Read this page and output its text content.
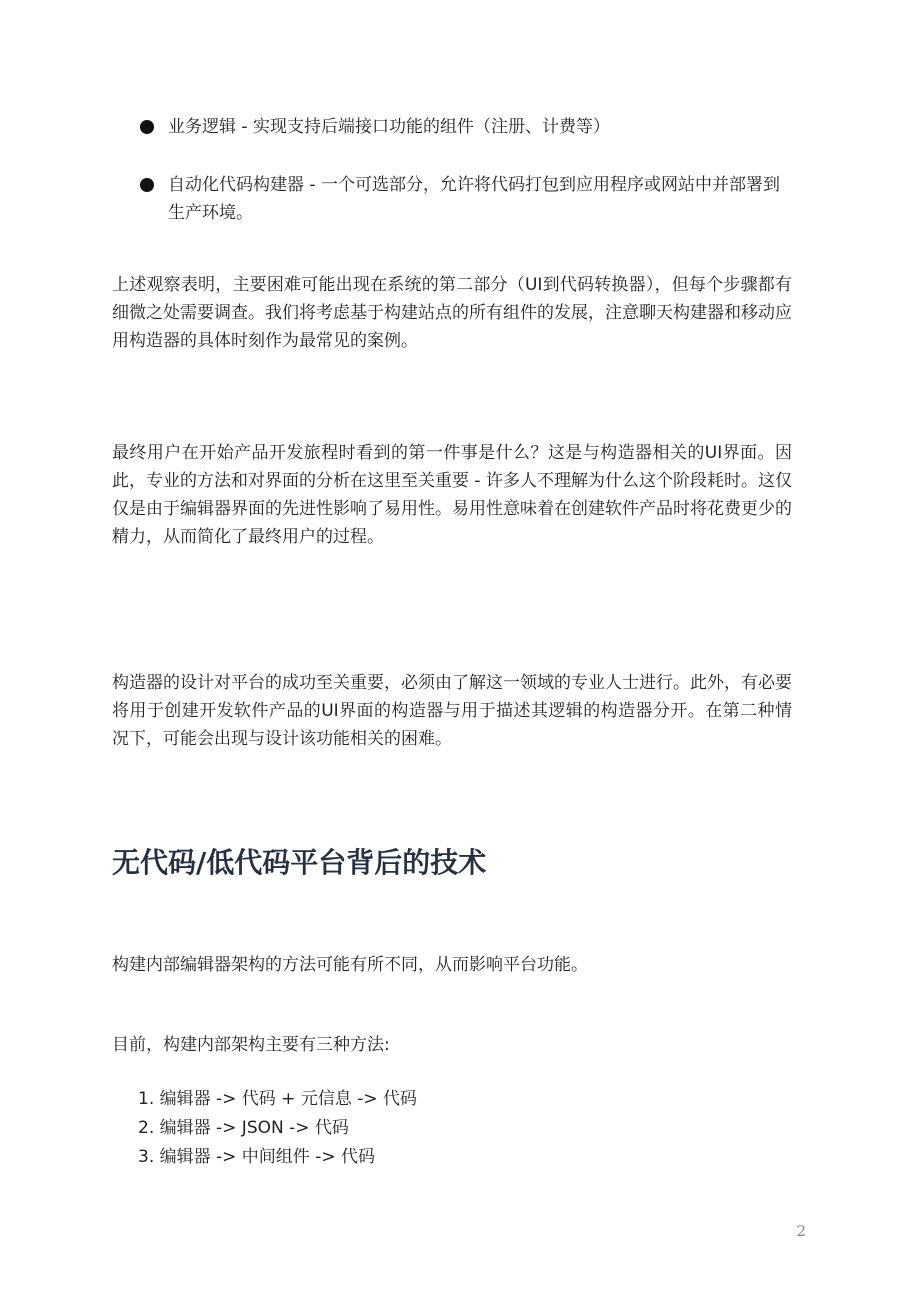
业务逻辑 - 实现支持后端接口功能的组件（注册、计费等）
自动化代码构建器 - 一个可选部分，允许将代码打包到应用程序或网站中并部署到生产环境。
上述观察表明，主要困难可能出现在系统的第二部分（UI到代码转换器），但每个步骤都有细微之处需要调查。我们将考虑基于构建站点的所有组件的发展，注意聊天构建器和移动应用构造器的具体时刻作为最常见的案例。
最终用户在开始产品开发旅程时看到的第一件事是什么？这是与构造器相关的UI界面。因此，专业的方法和对界面的分析在这里至关重要 - 许多人不理解为什么这个阶段耗时。这仅仅是由于编辑器界面的先进性影响了易用性。易用性意味着在创建软件产品时将花费更少的精力，从而简化了最终用户的过程。
构造器的设计对平台的成功至关重要，必须由了解这一领域的专业人士进行。此外，有必要将用于创建开发软件产品的UI界面的构造器与用于描述其逻辑的构造器分开。在第二种情况下，可能会出现与设计该功能相关的困难。
无代码/低代码平台背后的技术
构建内部编辑器架构的方法可能有所不同，从而影响平台功能。
目前，构建内部架构主要有三种方法:
1. 编辑器 -> 代码 + 元信息 -> 代码
2. 编辑器 -> JSON -> 代码
3. 编辑器 -> 中间组件 -> 代码
2
